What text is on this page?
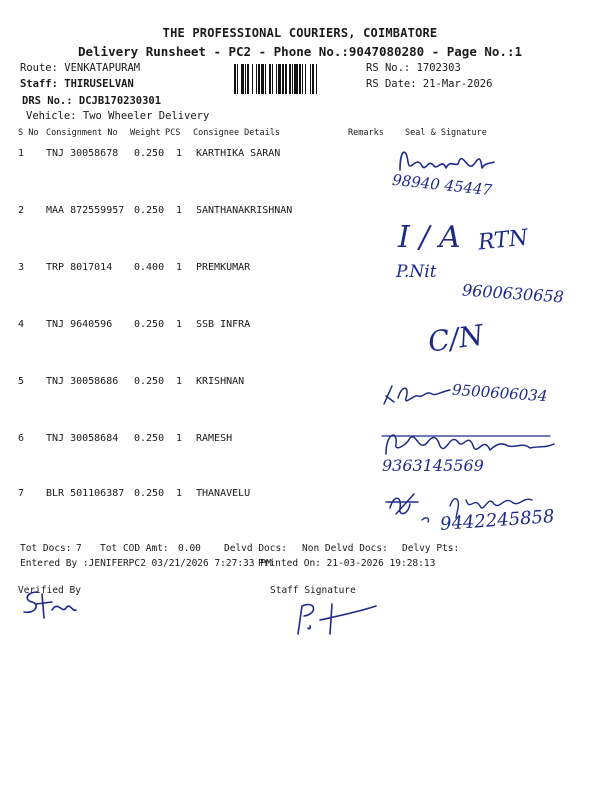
THE PROFESSIONAL COURIERS, COIMBATORE
Delivery Runsheet - PC2 - Phone No.:9047080280 - Page No.:1
Route: VENKATAPURAM
Staff: THIRUSELVAN
DRS No.: DCJB170230301
Vehicle: Two Wheeler Delivery
RS No.: 1702303
RS Date: 21-Mar-2026
S No Consignment No Weight PCS Consignee Details	Remarks Seal & Signature
1 TNJ 30058678 0.250 1 KARTHIKA SARAN
2 MAA 872559957 0.250 1 SANTHANAKRISHNAN
3 TRP 8017014 0.400 1 PREMKUMAR
4 TNJ 9640596 0.250 1 SSB INFRA
5 TNJ 30058686 0.250 1 KRISHNAN
6 TNJ 30058684 0.250 1 RAMESH
7 BLR 501106387 0.250 1 THANAVELU
98940 45447
I / A RTN
P.Nit
9600630658
C/N
9500606034
9363145569
9442245858
Tot Docs: 7 Tot COD Amt: 0.00 Delvd Docs: Non Delvd Docs: Delvy Pts:
Entered By :JENIFERPC2 03/21/2026 7:27:33 PM
Printed On: 21-03-2026 19:28:13
Verified By	Staff Signature
